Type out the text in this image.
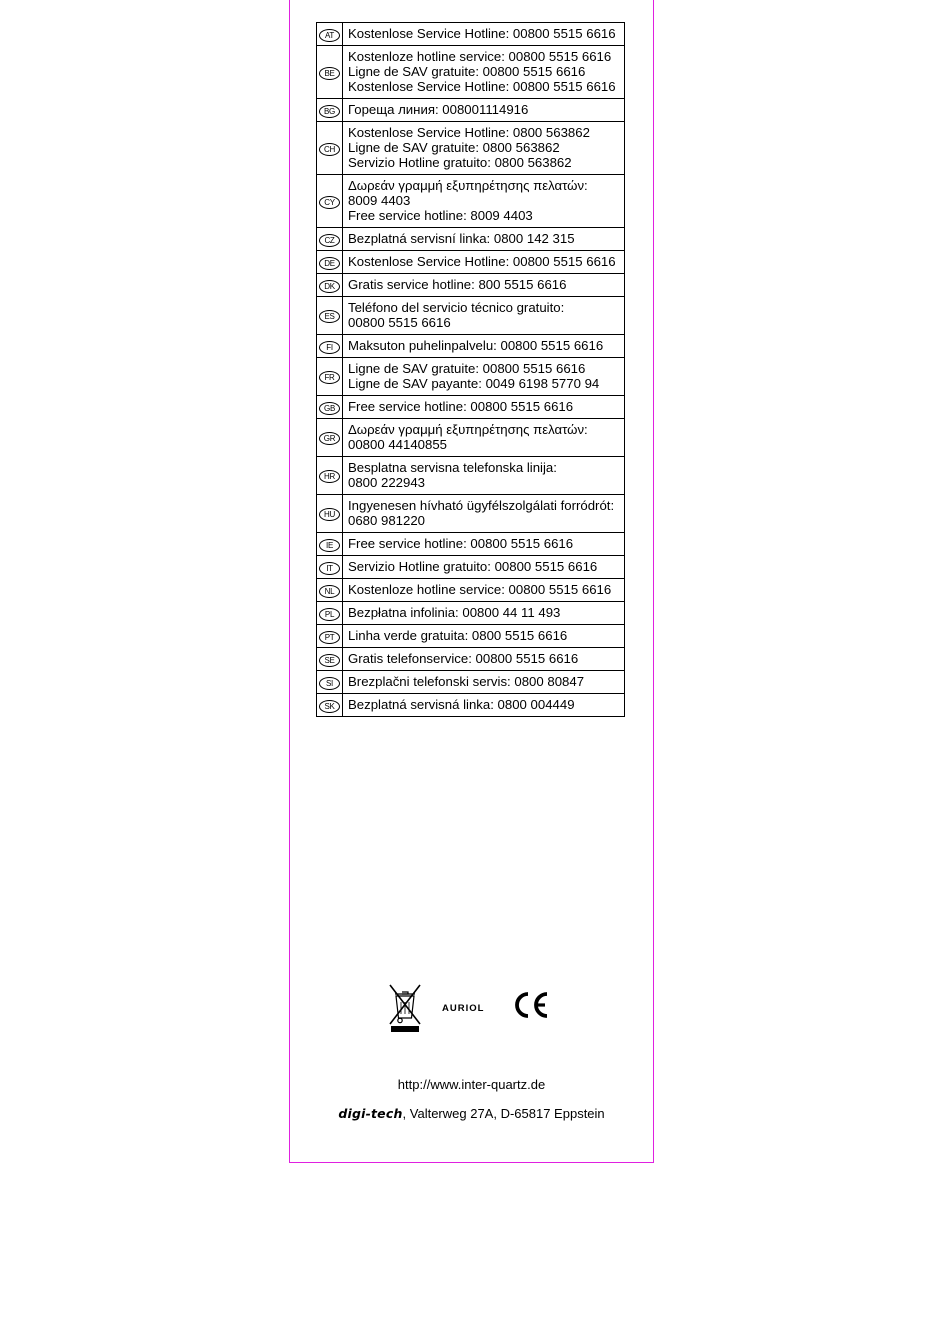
AT	Kostenlose Service Hotline: 00800 5515 6616

BE	Kostenloze hotline service: 00800 5515 6616
Ligne de SAV gratuite: 00800 5515 6616
Kostenlose Service Hotline: 00800 5515 6616

BG	Гореща линия: 008001114916

CH	Kostenlose Service Hotline: 0800 563862
Ligne de SAV gratuite: 0800 563862
Servizio Hotline gratuito: 0800 563862

CY	Δωρεάν γραμμή εξυπηρέτησης πελατών:
8009 4403
Free service hotline: 8009 4403

CZ	Bezplatná servisní linka: 0800 142 315

DE	Kostenlose Service Hotline: 00800 5515 6616

DK	Gratis service hotline: 800 5515 6616

ES	Teléfono del servicio técnico gratuito:
00800 5515 6616

FI	Maksuton puhelinpalvelu: 00800 5515 6616

FR	Ligne de SAV gratuite: 00800 5515 6616
Ligne de SAV payante: 0049 6198 5770 94

GB	Free service hotline: 00800 5515 6616

GR	Δωρεάν γραμμή εξυπηρέτησης πελατών:
00800 44140855

HR	Besplatna servisna telefonska linija:
0800 222943

HU	Ingyenesen hívható ügyfélszolgálati forródrót:
0680 981220

IE	Free service hotline: 00800 5515 6616

IT	Servizio Hotline gratuito: 00800 5515 6616

NL	Kostenloze hotline service: 00800 5515 6616

PL	Bezpłatna infolinia: 00800 44 11 493

PT	Linha verde gratuita: 0800 5515 6616

SE	Gratis telefonservice: 00800 5515 6616

SI	Brezplačni telefonski servis: 0800 80847

SK	Bezplatná servisná linka: 0800 004449
AURIOL
http://www.inter-quartz.de
digi-tech, Valterweg 27A, D-65817 Eppstein
